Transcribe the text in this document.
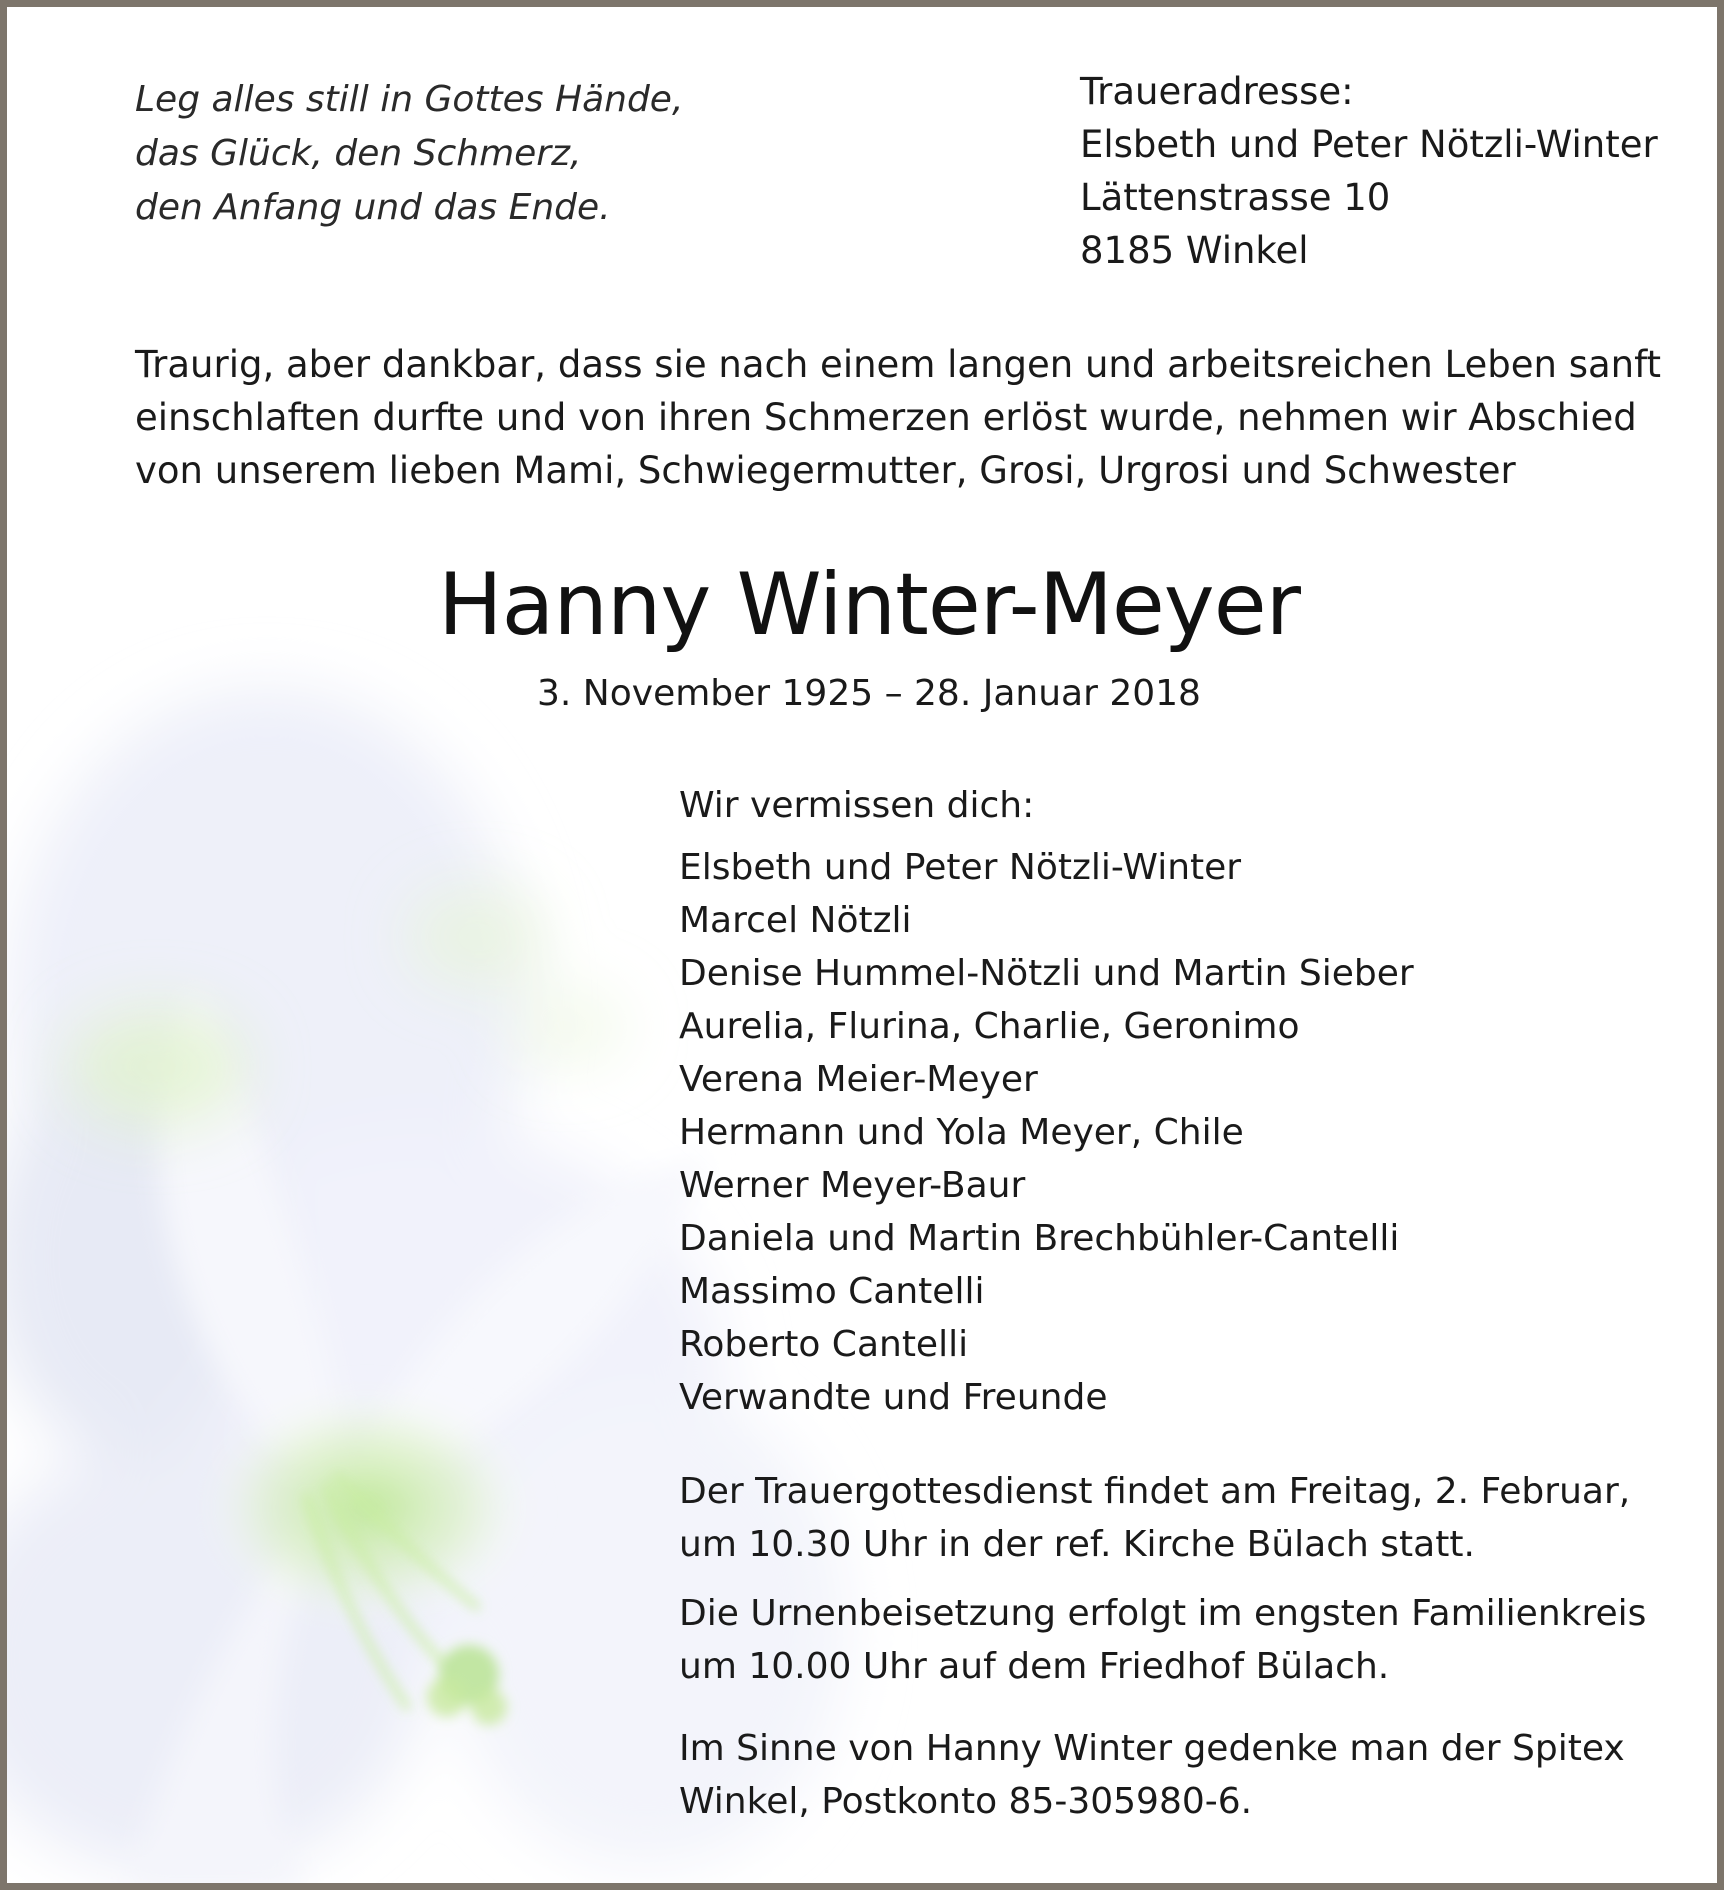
Leg alles still in Gottes Hände,
das Glück, den Schmerz,
den Anfang und das Ende.
Traueradresse:
Elsbeth und Peter Nötzli-Winter
Lättenstrasse 10
8185 Winkel
Traurig, aber dankbar, dass sie nach einem langen und arbeitsreichen Leben sanft
einschlaften durfte und von ihren Schmerzen erlöst wurde, nehmen wir Abschied
von unserem lieben Mami, Schwiegermutter, Grosi, Urgrosi und Schwester
Hanny Winter-Meyer
3. November 1925 – 28. Januar 2018
Wir vermissen dich:
Elsbeth und Peter Nötzli-Winter
Marcel Nötzli
Denise Hummel-Nötzli und Martin Sieber
Aurelia, Flurina, Charlie, Geronimo
Verena Meier-Meyer
Hermann und Yola Meyer, Chile
Werner Meyer-Baur
Daniela und Martin Brechbühler-Cantelli
Massimo Cantelli
Roberto Cantelli
Verwandte und Freunde
Der Trauergottesdienst findet am Freitag, 2. Februar,
um 10.30 Uhr in der ref. Kirche Bülach statt.
Die Urnenbeisetzung erfolgt im engsten Familienkreis
um 10.00 Uhr auf dem Friedhof Bülach.
Im Sinne von Hanny Winter gedenke man der Spitex
Winkel, Postkonto 85-305980-6.
